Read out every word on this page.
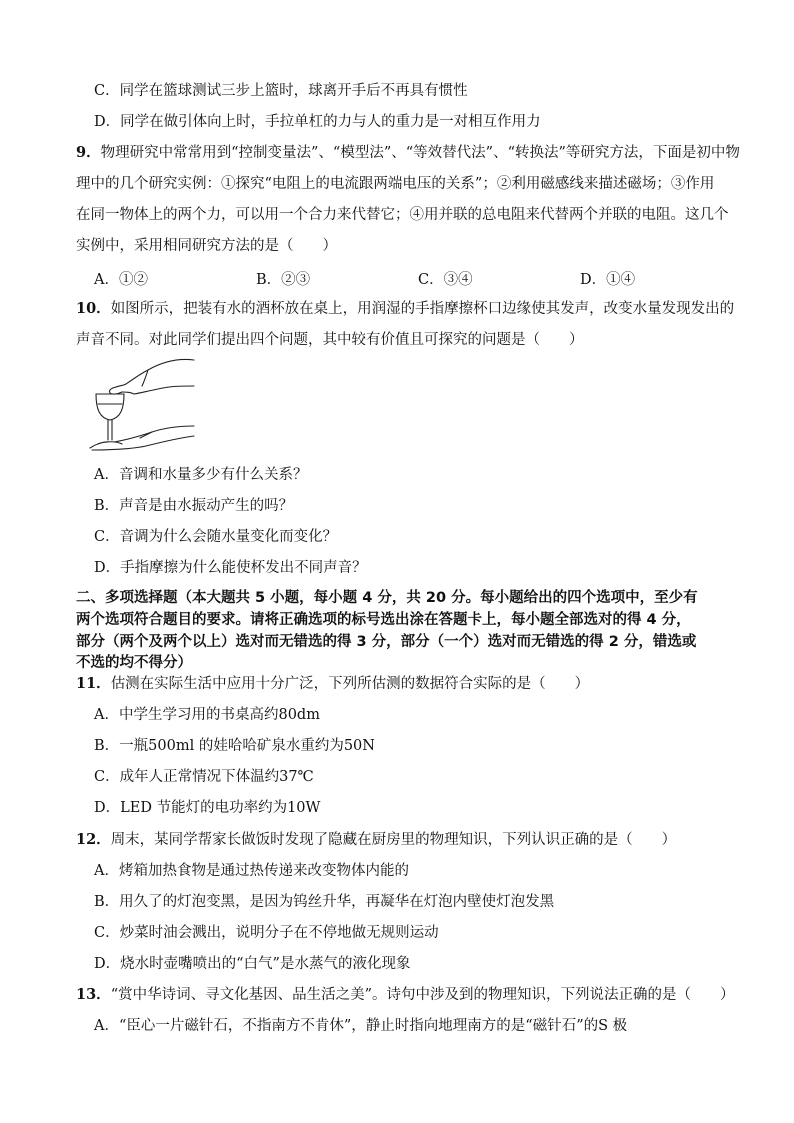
C．同学在篮球测试三步上篮时，球离开手后不再具有惯性
D．同学在做引体向上时，手拉单杠的力与人的重力是一对相互作用力
9．物理研究中常常用到“控制变量法”、“模型法”、“等效替代法”、“转换法”等研究方法，下面是初中物
理中的几个研究实例：①探究“电阻上的电流跟两端电压的关系”；②利用磁感线来描述磁场；③作用
在同一物体上的两个力，可以用一个合力来代替它；④用并联的总电阻来代替两个并联的电阻。这几个
实例中，采用相同研究方法的是（　　）
A．①②	B．②③	C．③④	D．①④
10．如图所示，把装有水的酒杯放在桌上，用润湿的手指摩擦杯口边缘使其发声，改变水量发现发出的
声音不同。对此同学们提出四个问题，其中较有价值且可探究的问题是（　　）
A．音调和水量多少有什么关系？
B．声音是由水振动产生的吗？
C．音调为什么会随水量变化而变化？
D．手指摩擦为什么能使杯发出不同声音？
二、多项选择题（本大题共 5 小题，每小题 4 分，共 20 分。每小题给出的四个选项中，至少有
两个选项符合题目的要求。请将正确选项的标号选出涂在答题卡上，每小题全部选对的得 4 分，
部分（两个及两个以上）选对而无错选的得 3 分，部分（一个）选对而无错选的得 2 分，错选或
不选的均不得分）
11．估测在实际生活中应用十分广泛，下列所估测的数据符合实际的是（　　）
A．中学生学习用的书桌高约80dm
B．一瓶500ml 的娃哈哈矿泉水重约为50N
C．成年人正常情况下体温约37℃
D．LED 节能灯的电功率约为10W
12．周末，某同学帮家长做饭时发现了隐藏在厨房里的物理知识，下列认识正确的是（　　）
A．烤箱加热食物是通过热传递来改变物体内能的
B．用久了的灯泡变黑，是因为钨丝升华，再凝华在灯泡内壁使灯泡发黑
C．炒菜时油会溅出，说明分子在不停地做无规则运动
D．烧水时壶嘴喷出的“白气”是水蒸气的液化现象
13．“赏中华诗词、寻文化基因、品生活之美”。诗句中涉及到的物理知识，下列说法正确的是（　　）
A．“臣心一片磁针石，不指南方不肯休”，静止时指向地理南方的是“磁针石”的S 极
